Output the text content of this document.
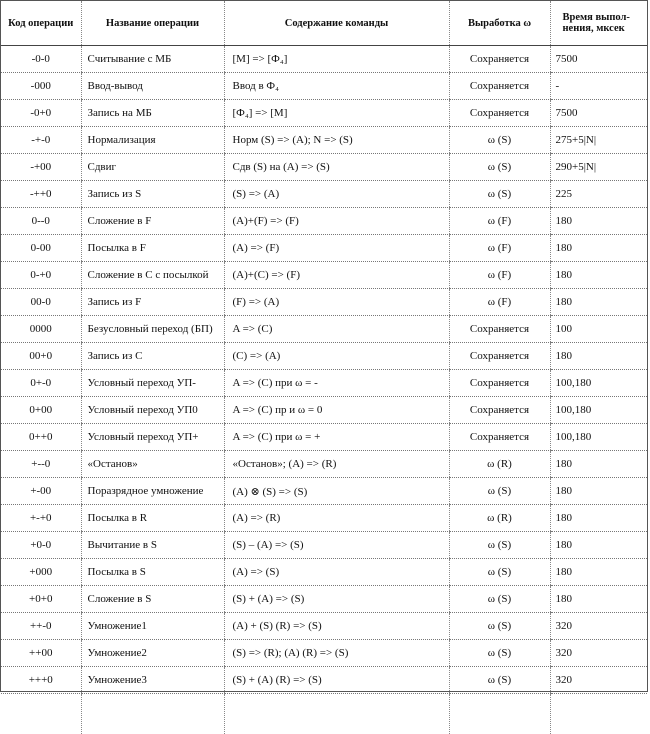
Код операции	Название операции	Содержание команды	Выработка ω	Время выпол-нения, мксек
-0-0	Считывание с МБ	[M] => [Ф₄]	Сохраняется	7500
-000	Ввод-вывод	Ввод в Ф₄	Сохраняется	-
-0+0	Запись на МБ	[Ф₄] => [M]	Сохраняется	7500
-+-0	Нормализация	Норм (S) => (A); N => (S)	ω (S)	275+5|N|
-+00	Сдвиг	Сдв (S) на (A) => (S)	ω (S)	290+5|N|
-++0	Запись из S	(S) => (A)	ω (S)	225
0--0	Сложение в F	(A)+(F) => (F)	ω (F)	180
0-00	Посылка в F	(A) => (F)	ω (F)	180
0-+0	Сложение в С с посылкой	(A)+(C) => (F)	ω (F)	180
00-0	Запись из F	(F) => (A)	ω (F)	180
0000	Безусловный переход (БП)	A => (C)	Сохраняется	100
00+0	Запись из С	(C) => (A)	Сохраняется	180
0+-0	Условный переход УП-	A => (C) при ω = -	Сохраняется	100,180
0+00	Условный переход УП0	A => (C) пр и ω = 0	Сохраняется	100,180
0++0	Условный переход УП+	A => (C) при ω = +	Сохраняется	100,180
+--0	«Останов»	«Останов»; (A) => (R)	ω (R)	180
+-00	Поразрядное умножение	(A) ⊗ (S) => (S)	ω (S)	180
+-+0	Посылка в R	(A) => (R)	ω (R)	180
+0-0	Вычитание в S	(S) – (A) => (S)	ω (S)	180
+000	Посылка в S	(A) => (S)	ω (S)	180
+0+0	Сложение в S	(S) + (A) => (S)	ω (S)	180
++-0	Умножение1	(A) + (S) (R) => (S)	ω (S)	320
++00	Умножение2	(S) => (R); (A) (R) => (S)	ω (S)	320
+++0	Умножение3	(S) + (A) (R) => (S)	ω (S)	320
